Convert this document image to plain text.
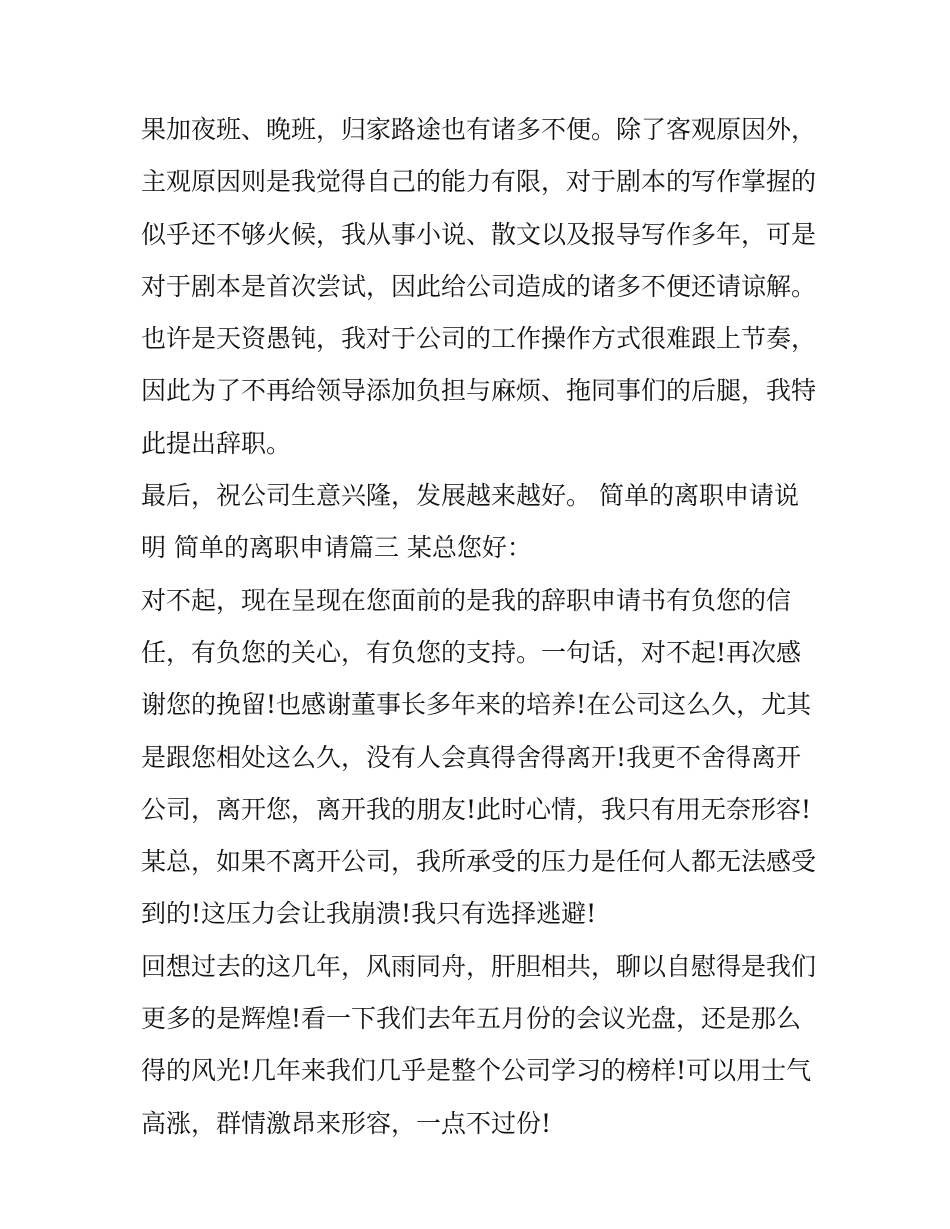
果加夜班、晚班，归家路途也有诸多不便。除了客观原因外，
主观原因则是我觉得自己的能力有限，对于剧本的写作掌握的
似乎还不够火候，我从事小说、散文以及报导写作多年，可是
对于剧本是首次尝试，因此给公司造成的诸多不便还请谅解。
也许是天资愚钝，我对于公司的工作操作方式很难跟上节奏，
因此为了不再给领导添加负担与麻烦、拖同事们的后腿，我特
此提出辞职。
最后，祝公司生意兴隆，发展越来越好。 简单的离职申请说
明 简单的离职申请篇三 某总您好：
对不起，现在呈现在您面前的是我的辞职申请书有负您的信
任，有负您的关心，有负您的支持。一句话，对不起!再次感
谢您的挽留!也感谢董事长多年来的培养!在公司这么久，尤其
是跟您相处这么久，没有人会真得舍得离开!我更不舍得离开
公司，离开您，离开我的朋友!此时心情，我只有用无奈形容!
某总，如果不离开公司，我所承受的压力是任何人都无法感受
到的!这压力会让我崩溃!我只有选择逃避!
回想过去的这几年，风雨同舟，肝胆相共，聊以自慰得是我们
更多的是辉煌!看一下我们去年五月份的会议光盘，还是那么
得的风光!几年来我们几乎是整个公司学习的榜样!可以用士气
高涨，群情激昂来形容，一点不过份!
